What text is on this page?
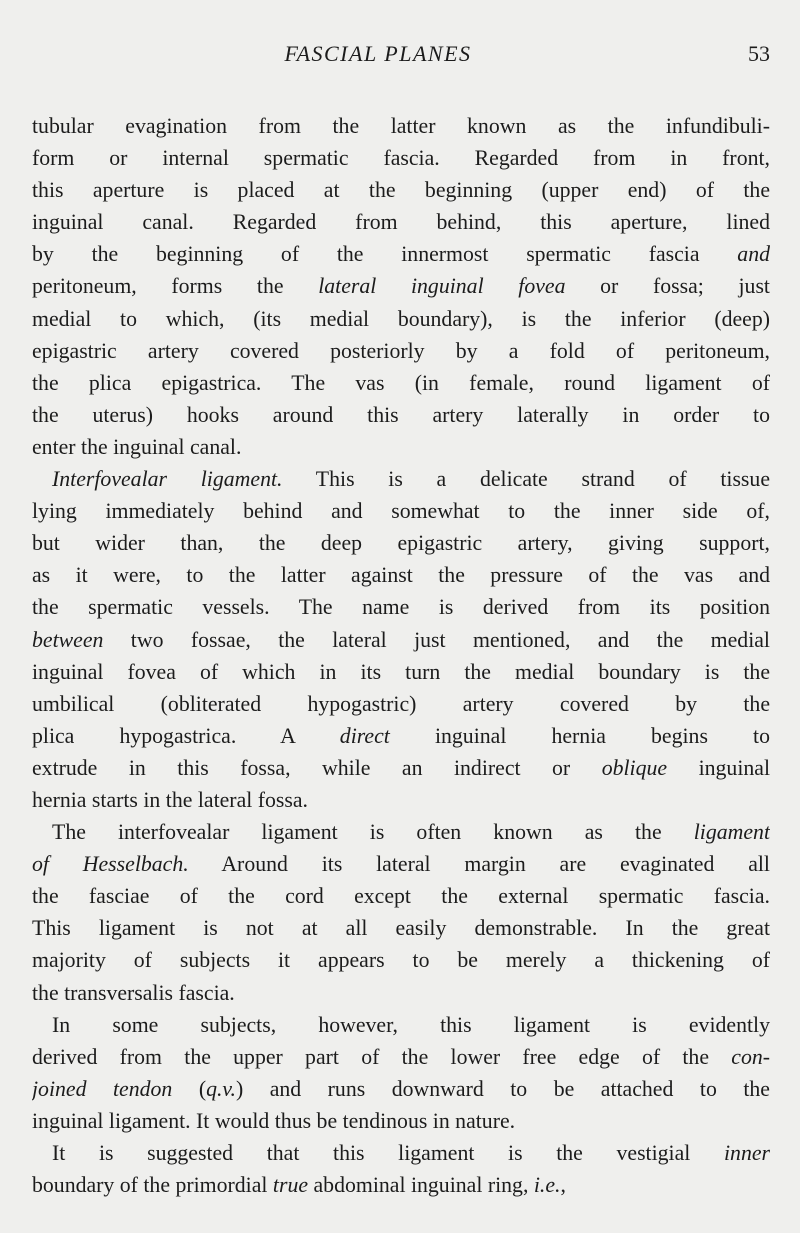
FASCIAL PLANES	53
tubular evagination from the latter known as the infundibuli-
form or internal spermatic fascia. Regarded from in front,
this aperture is placed at the beginning (upper end) of the
inguinal canal. Regarded from behind, this aperture, lined
by the beginning of the innermost spermatic fascia and
peritoneum, forms the lateral inguinal fovea or fossa; just
medial to which, (its medial boundary), is the inferior (deep)
epigastric artery covered posteriorly by a fold of peritoneum,
the plica epigastrica. The vas (in female, round ligament of
the uterus) hooks around this artery laterally in order to
enter the inguinal canal.
Interfovealar ligament. This is a delicate strand of tissue
lying immediately behind and somewhat to the inner side of,
but wider than, the deep epigastric artery, giving support,
as it were, to the latter against the pressure of the vas and
the spermatic vessels. The name is derived from its position
between two fossae, the lateral just mentioned, and the medial
inguinal fovea of which in its turn the medial boundary is the
umbilical (obliterated hypogastric) artery covered by the
plica hypogastrica. A direct inguinal hernia begins to
extrude in this fossa, while an indirect or oblique inguinal
hernia starts in the lateral fossa.
The interfovealar ligament is often known as the ligament
of Hesselbach. Around its lateral margin are evaginated all
the fasciae of the cord except the external spermatic fascia.
This ligament is not at all easily demonstrable. In the great
majority of subjects it appears to be merely a thickening of
the transversalis fascia.
In some subjects, however, this ligament is evidently
derived from the upper part of the lower free edge of the con-
joined tendon (q.v.) and runs downward to be attached to the
inguinal ligament. It would thus be tendinous in nature.
It is suggested that this ligament is the vestigial inner
boundary of the primordial true abdominal inguinal ring, i.e.,
